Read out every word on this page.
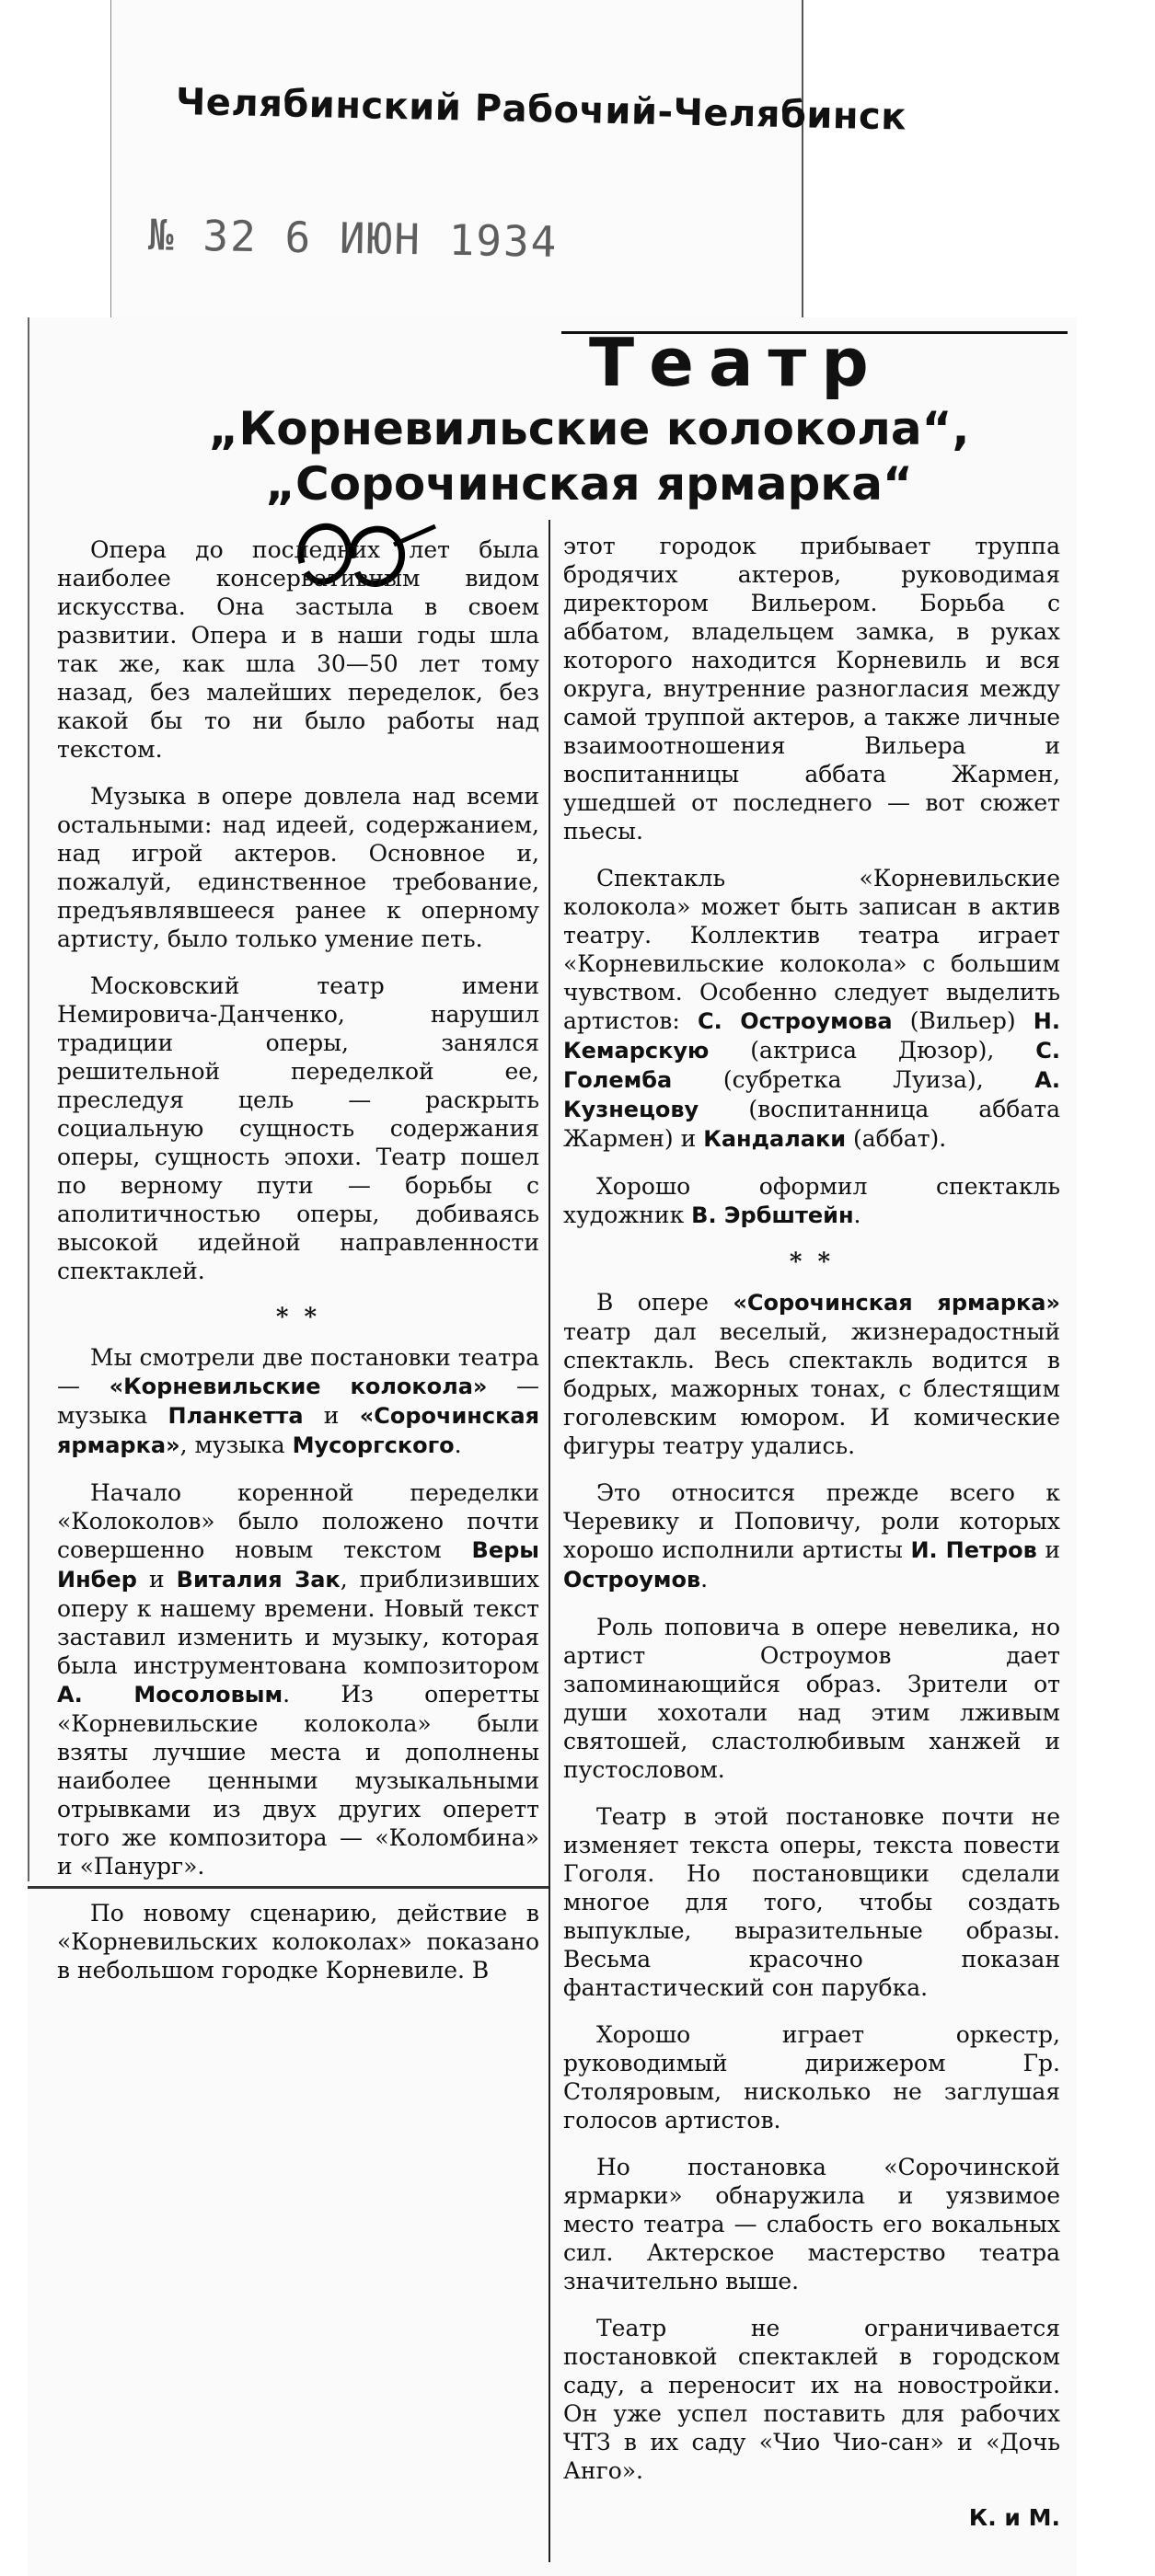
Челябинский Рабочий-Челябинск
№ 32 6 ИЮН 1934
Театр
„Корневильские колокола“,
„Сорочинская ярмарка“

Опера до последних лет была наиболее консервативным видом искусства. Она застыла в своем развитии. Опера и в наши годы шла так же, как шла 30—50 лет тому назад, без малейших переделок, без какой бы то ни было работы над текстом.

Музыка в опере довлела над всеми остальными: над идеей, содержанием, над игрой актеров. Основное и, пожалуй, единственное требование, предъявлявшееся ранее к оперному артисту, было только умение петь.

Московский театр имени Немировича-Данченко, нарушил традиции оперы, занялся решительной переделкой ее, преследуя цель — раскрыть социальную сущность содержания оперы, сущность эпохи. Театр пошел по верному пути — борьбы с аполитичностью оперы, добиваясь высокой идейной направленности спектаклей.

* *

Мы смотрели две постановки театра — «Корневильские колокола» — музыка Планкетта и «Сорочинская ярмарка», музыка Мусоргского.

Начало коренной переделки «Колоколов» было положено почти совершенно новым текстом Веры Инбер и Виталия Зак, приблизивших оперу к нашему времени. Новый текст заставил изменить и музыку, которая была инструментована композитором А. Мосоловым. Из оперетты «Корневильские колокола» были взяты лучшие места и дополнены наиболее ценными музыкальными отрывками из двух других оперетт того же композитора — «Коломбина» и «Панург».

По новому сценарию, действие в «Корневильских колоколах» показано в небольшом городке Корневиле. В

этот городок прибывает труппа бродячих актеров, руководимая директором Вильером. Борьба с аббатом, владельцем замка, в руках которого находится Корневиль и вся округа, внутренние разногласия между самой труппой актеров, а также личные взаимоотношения Вильера и воспитанницы аббата Жармен, ушедшей от последнего — вот сюжет пьесы.

Спектакль «Корневильские колокола» может быть записан в актив театру. Коллектив театра играет «Корневильские колокола» с большим чувством. Особенно следует выделить артистов: С. Остроумова (Вильер) Н. Кемарскую (актриса Дюзор), С. Големба (субретка Луиза), А. Кузнецову (воспитанница аббата Жармен) и Кандалаки (аббат).

Хорошо оформил спектакль художник В. Эрбштейн.

* *

В опере «Сорочинская ярмарка» театр дал веселый, жизнерадостный спектакль. Весь спектакль водится в бодрых, мажорных тонах, с блестящим гоголевским юмором. И комические фигуры театру удались.

Это относится прежде всего к Черевику и Поповичу, роли которых хорошо исполнили артисты И. Петров и Остроумов.

Роль поповича в опере невелика, но артист Остроумов дает запоминающийся образ. Зрители от души хохотали над этим лживым святошей, сластолюбивым ханжей и пустословом.

Театр в этой постановке почти не изменяет текста оперы, текста повести Гоголя. Но постановщики сделали многое для того, чтобы создать выпуклые, выразительные образы. Весьма красочно показан фантастический сон парубка.

Хорошо играет оркестр, руководимый дирижером Гр. Столяровым, нисколько не заглушая голосов артистов.

Но постановка «Сорочинской ярмарки» обнаружила и уязвимое место театра — слабость его вокальных сил. Актерское мастерство театра значительно выше.

Театр не ограничивается постановкой спектаклей в городском саду, а переносит их на новостройки. Он уже успел поставить для рабочих ЧТЗ в их саду «Чио Чио-сан» и «Дочь Анго».

К. и М.
